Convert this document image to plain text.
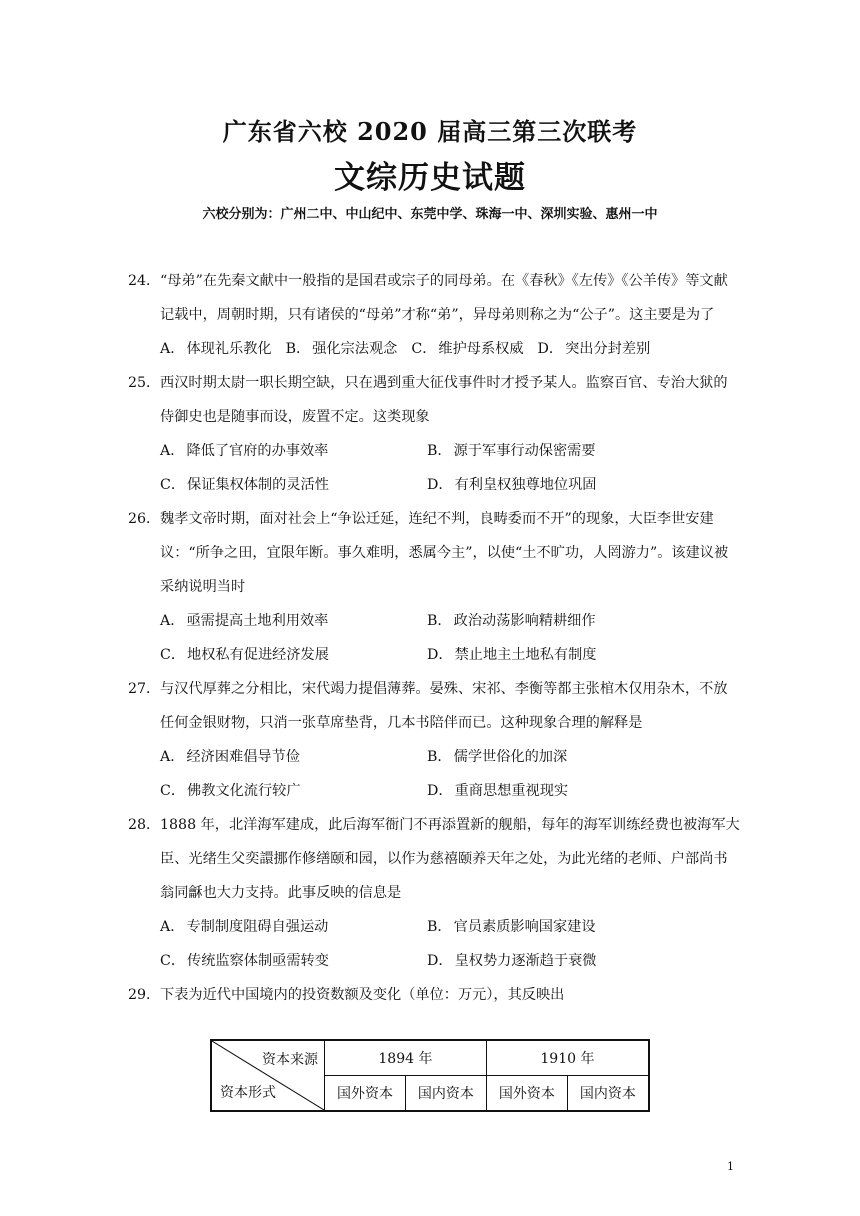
广东省六校 2020 届高三第三次联考
文综历史试题
六校分别为：广州二中、中山纪中、东莞中学、珠海一中、深圳实验、惠州一中

24．“母弟”在先秦文献中一般指的是国君或宗子的同母弟。在《春秋》《左传》《公羊传》等文献记载中，周朝时期，只有诸侯的“母弟”才称“弟”，异母弟则称之为“公子”。这主要是为了

A． 体现礼乐教化 B． 强化宗法观念 C． 维护母系权威 D． 突出分封差别

25．西汉时期太尉一职长期空缺，只在遇到重大征伐事件时才授予某人。监察百官、专治大狱的侍御史也是随事而设，废置不定。这类现象

A． 降低了官府的办事效率	B． 源于军事行动保密需要
C． 保证集权体制的灵活性	D． 有利皇权独尊地位巩固

26．魏孝文帝时期，面对社会上“争讼迁延，连纪不判，良畴委而不开”的现象，大臣李世安建议：“所争之田，宜限年断。事久难明，悉属今主”，以使“土不旷功，人罔游力”。该建议被采纳说明当时

A． 亟需提高土地利用效率	B． 政治动荡影响精耕细作
C． 地权私有促进经济发展	D． 禁止地主土地私有制度

27．与汉代厚葬之分相比，宋代竭力提倡薄葬。晏殊、宋祁、李衡等都主张棺木仅用杂木，不放任何金银财物，只消一张草席垫背，几本书陪伴而已。这种现象合理的解释是

A． 经济困难倡导节俭	B． 儒学世俗化的加深
C． 佛教文化流行较广	D． 重商思想重视现实

28．1888 年，北洋海军建成，此后海军衙门不再添置新的舰船，每年的海军训练经费也被海军大臣、光绪生父奕譞挪作修缮颐和园，以作为慈禧颐养天年之处，为此光绪的老师、户部尚书翁同龢也大力支持。此事反映的信息是

A． 专制制度阻碍自强运动	B． 官员素质影响国家建设
C． 传统监察体制亟需转变	D． 皇权势力逐渐趋于衰微

29．下表为近代中国境内的投资数额及变化（单位：万元），其反映出

资本来源
资本形式	1894 年		1910 年	
	国外资本	国内资本	国外资本	国内资本
1
